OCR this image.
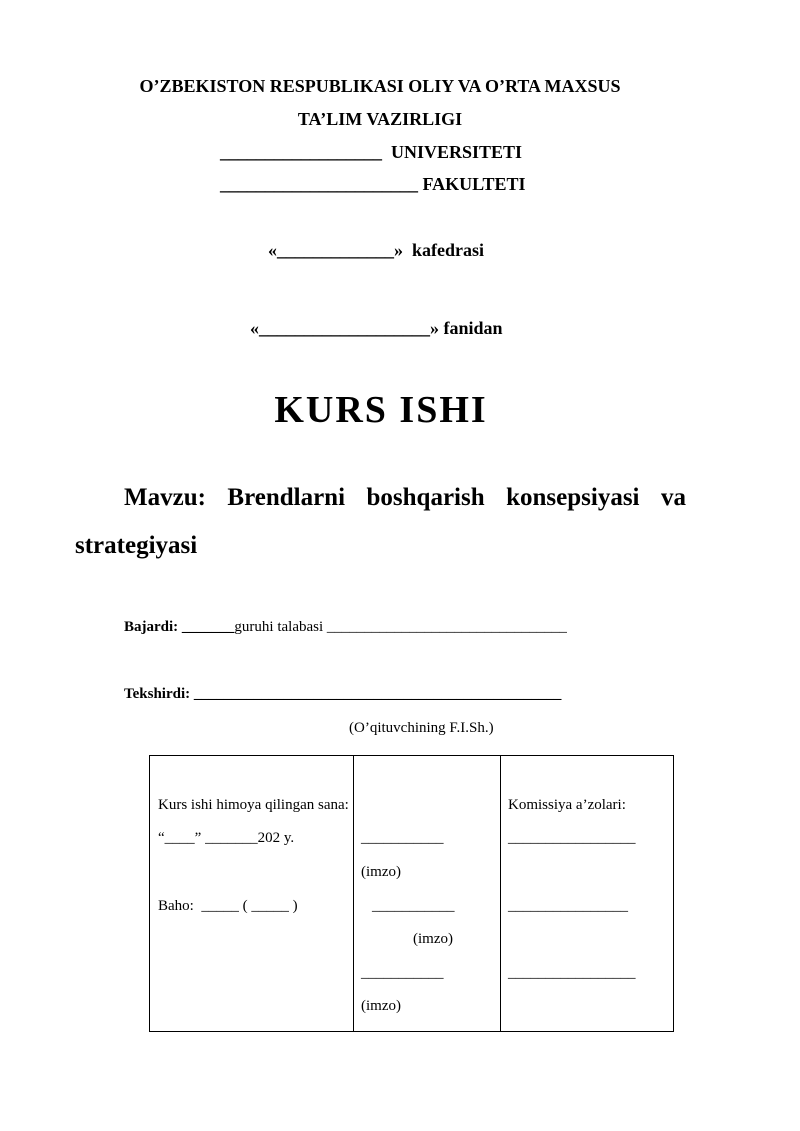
O’ZBEKISTON RESPUBLIKASI OLIY VA O’RTA MAXSUS
TA’LIM VAZIRLIGI
__________________  UNIVERSITETI
______________________ FAKULTETI
«_____________»  kafedrasi
«___________________» fanidan
KURS ISHI
Mavzu:  Brendlarni  boshqarish  konsepsiyasi  va
strategiyasi
Bajardi: _______guruhi talabasi ________________________________
Tekshirdi: _________________________________________________
(O’qituvchining F.I.Sh.)
Kurs ishi himoya qilingan sana:
“____” _______202 y.
Baho:  _____ ( _____ )

___________
(imzo)
___________
(imzo)
___________
(imzo)

Komissiya a’zolari:
_________________
________________
_________________
